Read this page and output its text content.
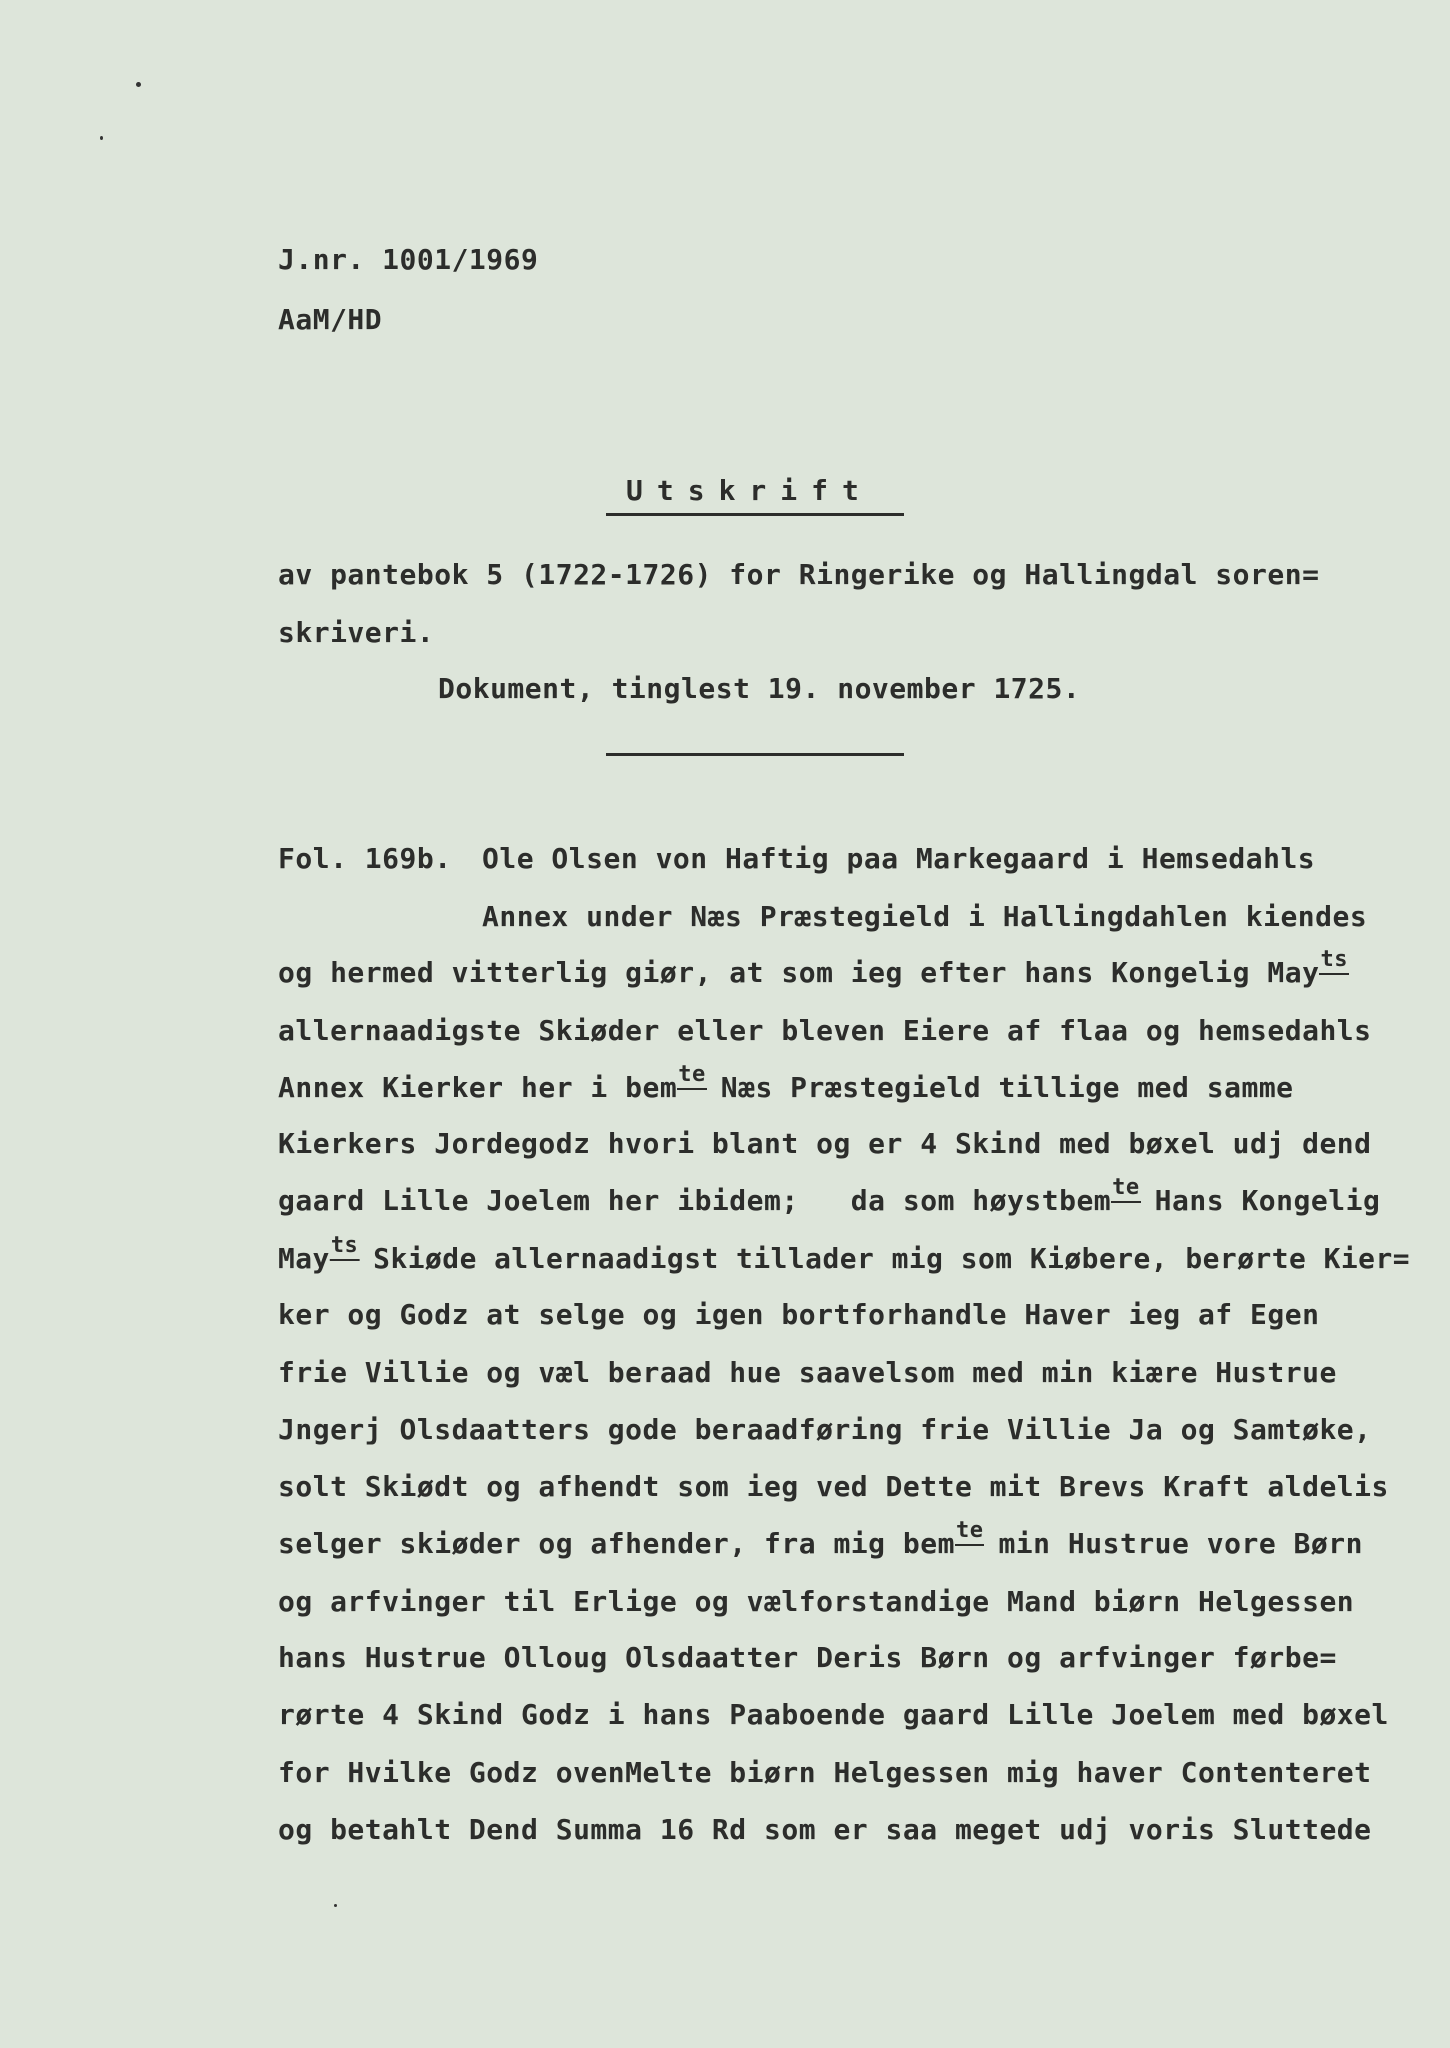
J.nr. 1001/1969
AaM/HD
Utskrift
av pantebok 5 (1722-1726) for Ringerike og Hallingdal soren=
skriveri.
Dokument, tinglest 19. november 1725.
Fol. 169b. Ole Olsen von Haftig paa Markegaard i Hemsedahls
Annex under Næs Præstegield i Hallingdahlen kiendes
og hermed vitterlig giør, at som ieg efter hans Kongelig Mayts
allernaadigste Skiøder eller bleven Eiere af flaa og hemsedahls
Annex Kierker her i bemte Næs Præstegield tillige med samme
Kierkers Jordegodz hvori blant og er 4 Skind med bøxel udj dend
gaard Lille Joelem her ibidem;   da som høystbemte Hans Kongelig
Mayts Skiøde allernaadigst tillader mig som Kiøbere, berørte Kier=
ker og Godz at selge og igen bortforhandle Haver ieg af Egen
frie Villie og væl beraad hue saavelsom med min kiære Hustrue
Jngerj Olsdaatters gode beraadføring frie Villie Ja og Samtøke,
solt Skiødt og afhendt som ieg ved Dette mit Brevs Kraft aldelis
selger skiøder og afhender, fra mig bemte min Hustrue vore Børn
og arfvinger til Erlige og vælforstandige Mand biørn Helgessen
hans Hustrue Olloug Olsdaatter Deris Børn og arfvinger førbe=
rørte 4 Skind Godz i hans Paaboende gaard Lille Joelem med bøxel
for Hvilke Godz ovenMelte biørn Helgessen mig haver Contenteret
og betahlt Dend Summa 16 Rd som er saa meget udj voris Sluttede
